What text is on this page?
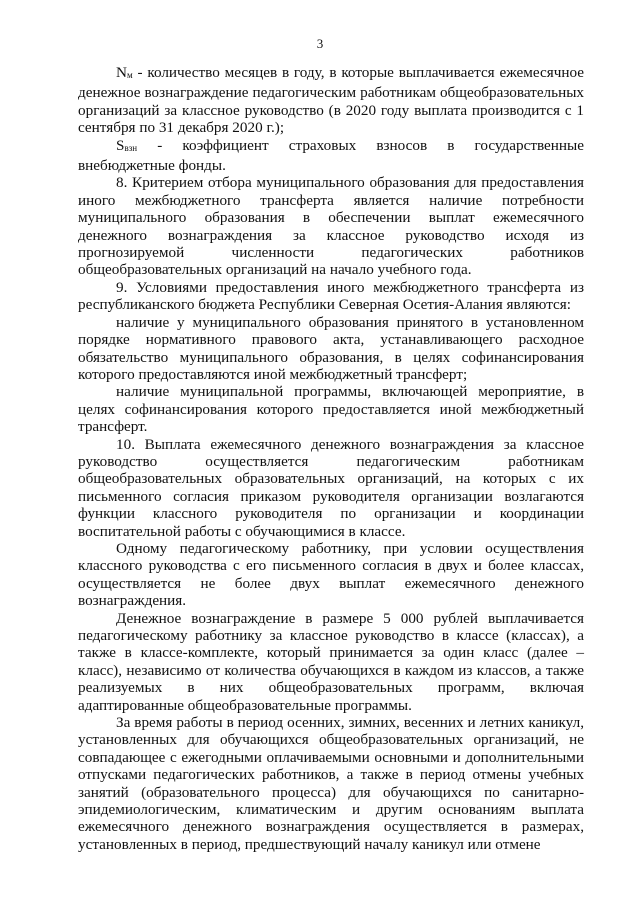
3

$N_м$ - количество месяцев в году, в которые выплачивается ежемесячное денежное вознаграждение педагогическим работникам общеобразовательных организаций за классное руководство (в 2020 году выплата производится с 1 сентября по 31 декабря 2020 г.);

$S_{взн}$ - коэффициент страховых взносов в государственные внебюджетные фонды.

8. Критерием отбора муниципального образования для предоставления иного межбюджетного трансферта является наличие потребности муниципального образования в обеспечении выплат ежемесячного денежного вознаграждения за классное руководство исходя из прогнозируемой численности педагогических работников общеобразовательных организаций на начало учебного года.

9. Условиями предоставления иного межбюджетного трансферта из республиканского бюджета Республики Северная Осетия-Алания являются:

наличие у муниципального образования принятого в установленном порядке нормативного правового акта, устанавливающего расходное обязательство муниципального образования, в целях софинансирования которого предоставляются иной межбюджетный трансферт;

наличие муниципальной программы, включающей мероприятие, в целях софинансирования которого предоставляется иной межбюджетный трансферт.

10. Выплата ежемесячного денежного вознаграждения за классное руководство осуществляется педагогическим работникам общеобразовательных образовательных организаций, на которых с их письменного согласия приказом руководителя организации возлагаются функции классного руководителя по организации и координации воспитательной работы с обучающимися в классе.

Одному педагогическому работнику, при условии осуществления классного руководства с его письменного согласия в двух и более классах, осуществляется не более двух выплат ежемесячного денежного вознаграждения.

Денежное вознаграждение в размере 5 000 рублей выплачивается педагогическому работнику за классное руководство в классе (классах), а также в классе-комплекте, который принимается за один класс (далее – класс), независимо от количества обучающихся в каждом из классов, а также реализуемых в них общеобразовательных программ, включая адаптированные общеобразовательные программы.

За время работы в период осенних, зимних, весенних и летних каникул, установленных для обучающихся общеобразовательных организаций, не совпадающее с ежегодными оплачиваемыми основными и дополнительными отпусками педагогических работников, а также в период отмены учебных занятий (образовательного процесса) для обучающихся по санитарно-эпидемиологическим, климатическим и другим основаниям выплата ежемесячного денежного вознаграждения осуществляется в размерах, установленных в период, предшествующий началу каникул или отмене
